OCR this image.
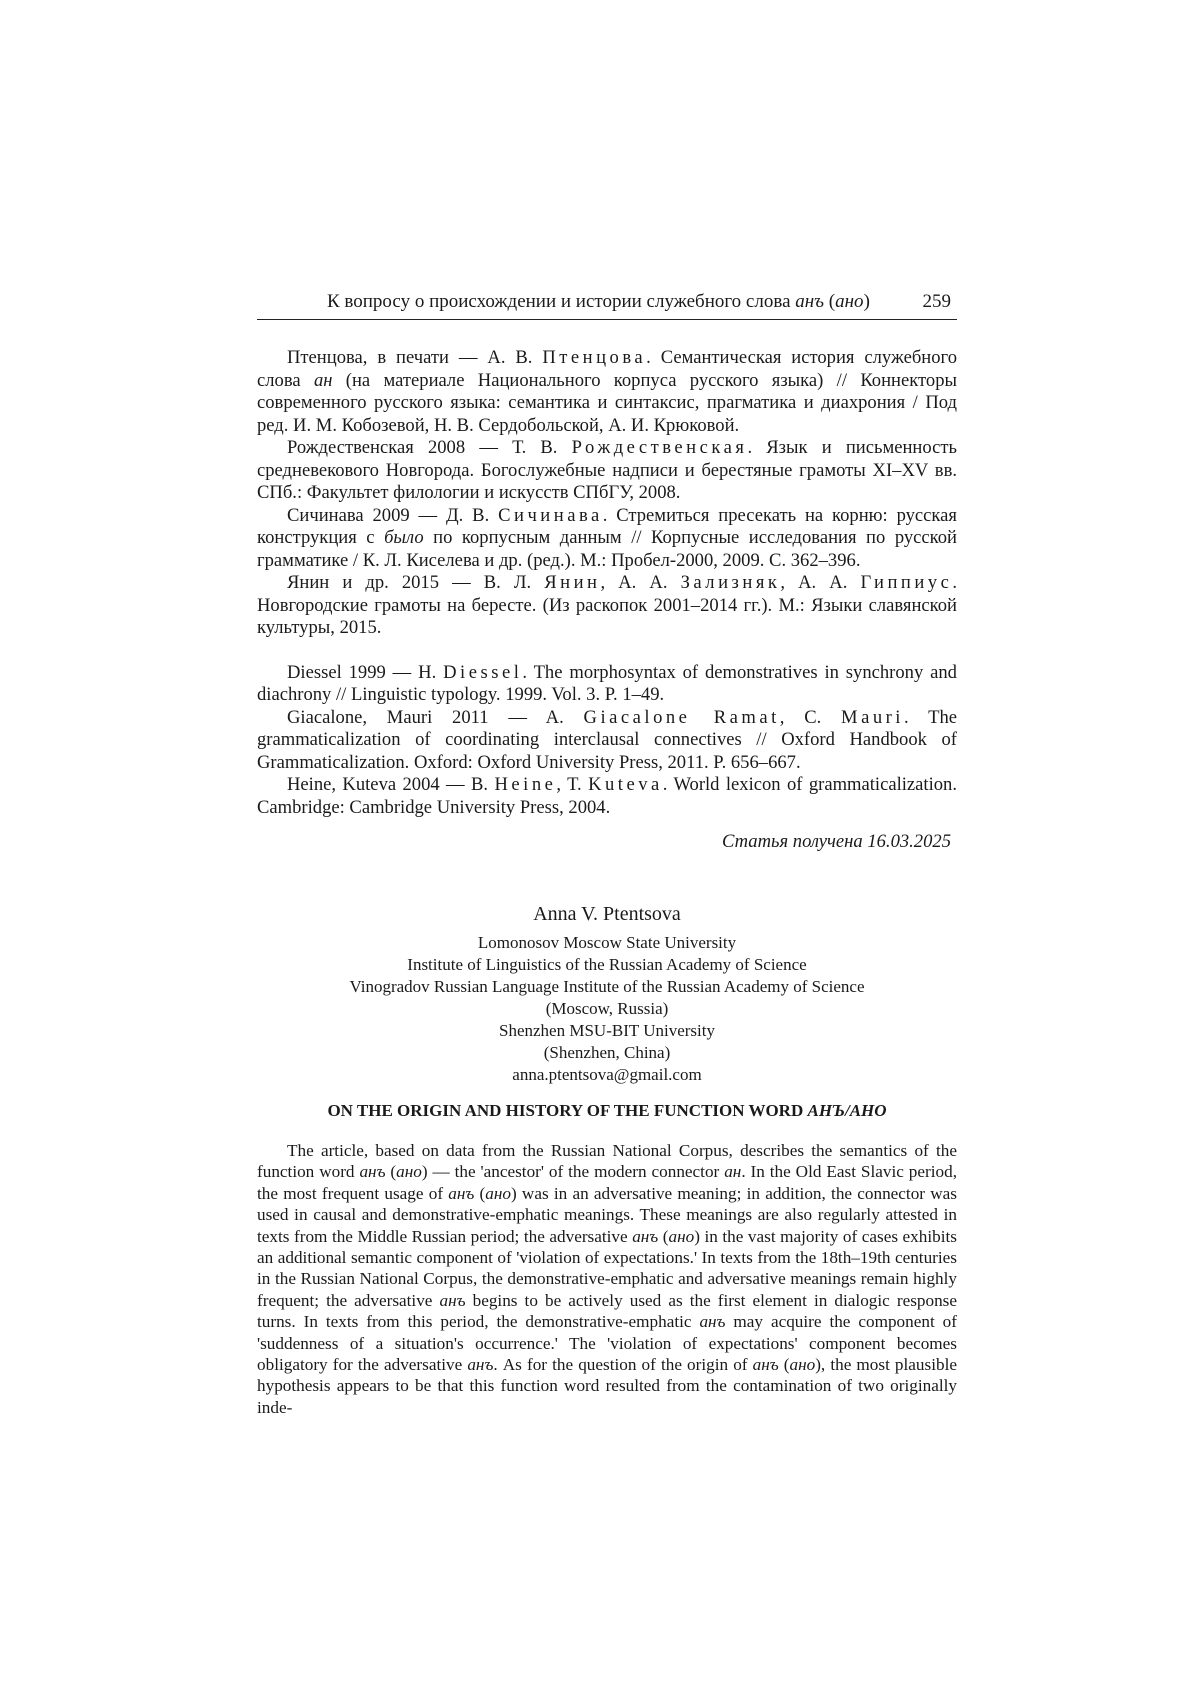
К вопросу о происхождении и истории служебного слова анъ (ано)	259

Птенцова, в печати — А. В. Птенцова. Семантическая история служебного слова ан (на материале Национального корпуса русского языка) // Коннекторы современного русского языка: семантика и синтаксис, прагматика и диахрония / Под ред. И. М. Кобозевой, Н. В. Сердобольской, А. И. Крюковой.

Рождественская 2008 — Т. В. Рождественская. Язык и письменность средневекового Новгорода. Богослужебные надписи и берестяные грамоты XI–XV вв. СПб.: Факультет филологии и искусств СПбГУ, 2008.

Сичинава 2009 — Д. В. Сичинава. Стремиться пресекать на корню: русская конструкция с было по корпусным данным // Корпусные исследования по русской грамматике / К. Л. Киселева и др. (ред.). М.: Пробел-2000, 2009. С. 362–396.

Янин и др. 2015 — В. Л. Янин, А. А. Зализняк, А. А. Гиппиус. Новгородские грамоты на бересте. (Из раскопок 2001–2014 гг.). М.: Языки славянской культуры, 2015.

Diessel 1999 — H. Diessel. The morphosyntax of demonstratives in synchrony and diachrony // Linguistic typology. 1999. Vol. 3. P. 1–49.

Giacalone, Mauri 2011 — A. Giacalone Ramat, C. Mauri. The grammaticalization of coordinating interclausal connectives // Oxford Handbook of Grammaticalization. Oxford: Oxford University Press, 2011. P. 656–667.

Heine, Kuteva 2004 — B. Heine, T. Kuteva. World lexicon of grammaticalization. Cambridge: Cambridge University Press, 2004.

Статья получена 16.03.2025
Anna V. Ptentsova
Lomonosov Moscow State University
Institute of Linguistics of the Russian Academy of Science
Vinogradov Russian Language Institute of the Russian Academy of Science
(Moscow, Russia)
Shenzhen MSU-BIT University
(Shenzhen, China)
anna.ptentsova@gmail.com
ON THE ORIGIN AND HISTORY OF THE FUNCTION WORD АНЪ/АНО

The article, based on data from the Russian National Corpus, describes the semantics of the function word анъ (ано) — the 'ancestor' of the modern connector ан. In the Old East Slavic period, the most frequent usage of анъ (ано) was in an adversative meaning; in addition, the connector was used in causal and demonstrative-emphatic meanings. These meanings are also regularly attested in texts from the Middle Russian period; the adversative анъ (ано) in the vast majority of cases exhibits an additional semantic component of 'violation of expectations.' In texts from the 18th–19th centuries in the Russian National Corpus, the demonstrative-emphatic and adversative meanings remain highly frequent; the adversative анъ begins to be actively used as the first element in dialogic response turns. In texts from this period, the demonstrative-emphatic анъ may acquire the component of 'suddenness of a situation's occurrence.' The 'violation of expectations' component becomes obligatory for the adversative анъ. As for the question of the origin of анъ (ано), the most plausible hypothesis appears to be that this function word resulted from the contamination of two originally inde-
